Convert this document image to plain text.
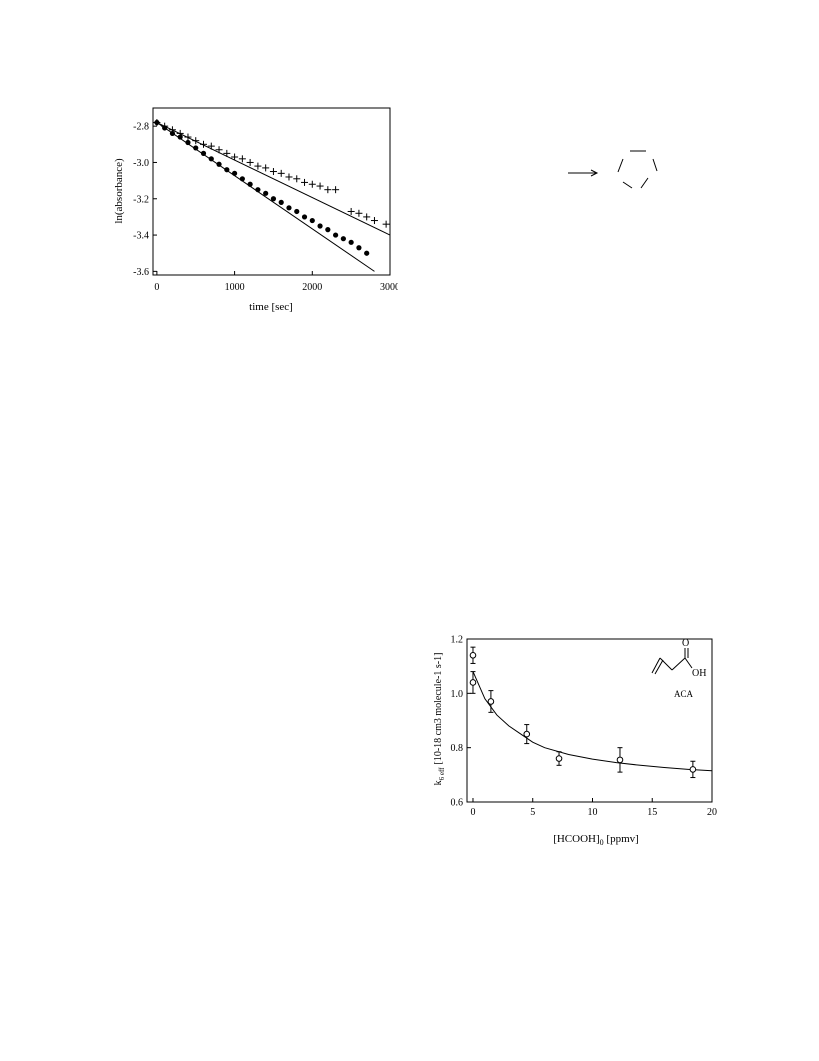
0	1000	2000	3000
-2.8
-3.0
-3.2
-3.4
-3.6
time [sec]
ln(absorbance)
0	5	10	15	20
0.6
0.8
1.0
1.2
$[HCOOH]_0$ [ppmv]
$k_{6 eff}[10-18$ cm3 molecule-1 s-1]
O
OH
ACA
